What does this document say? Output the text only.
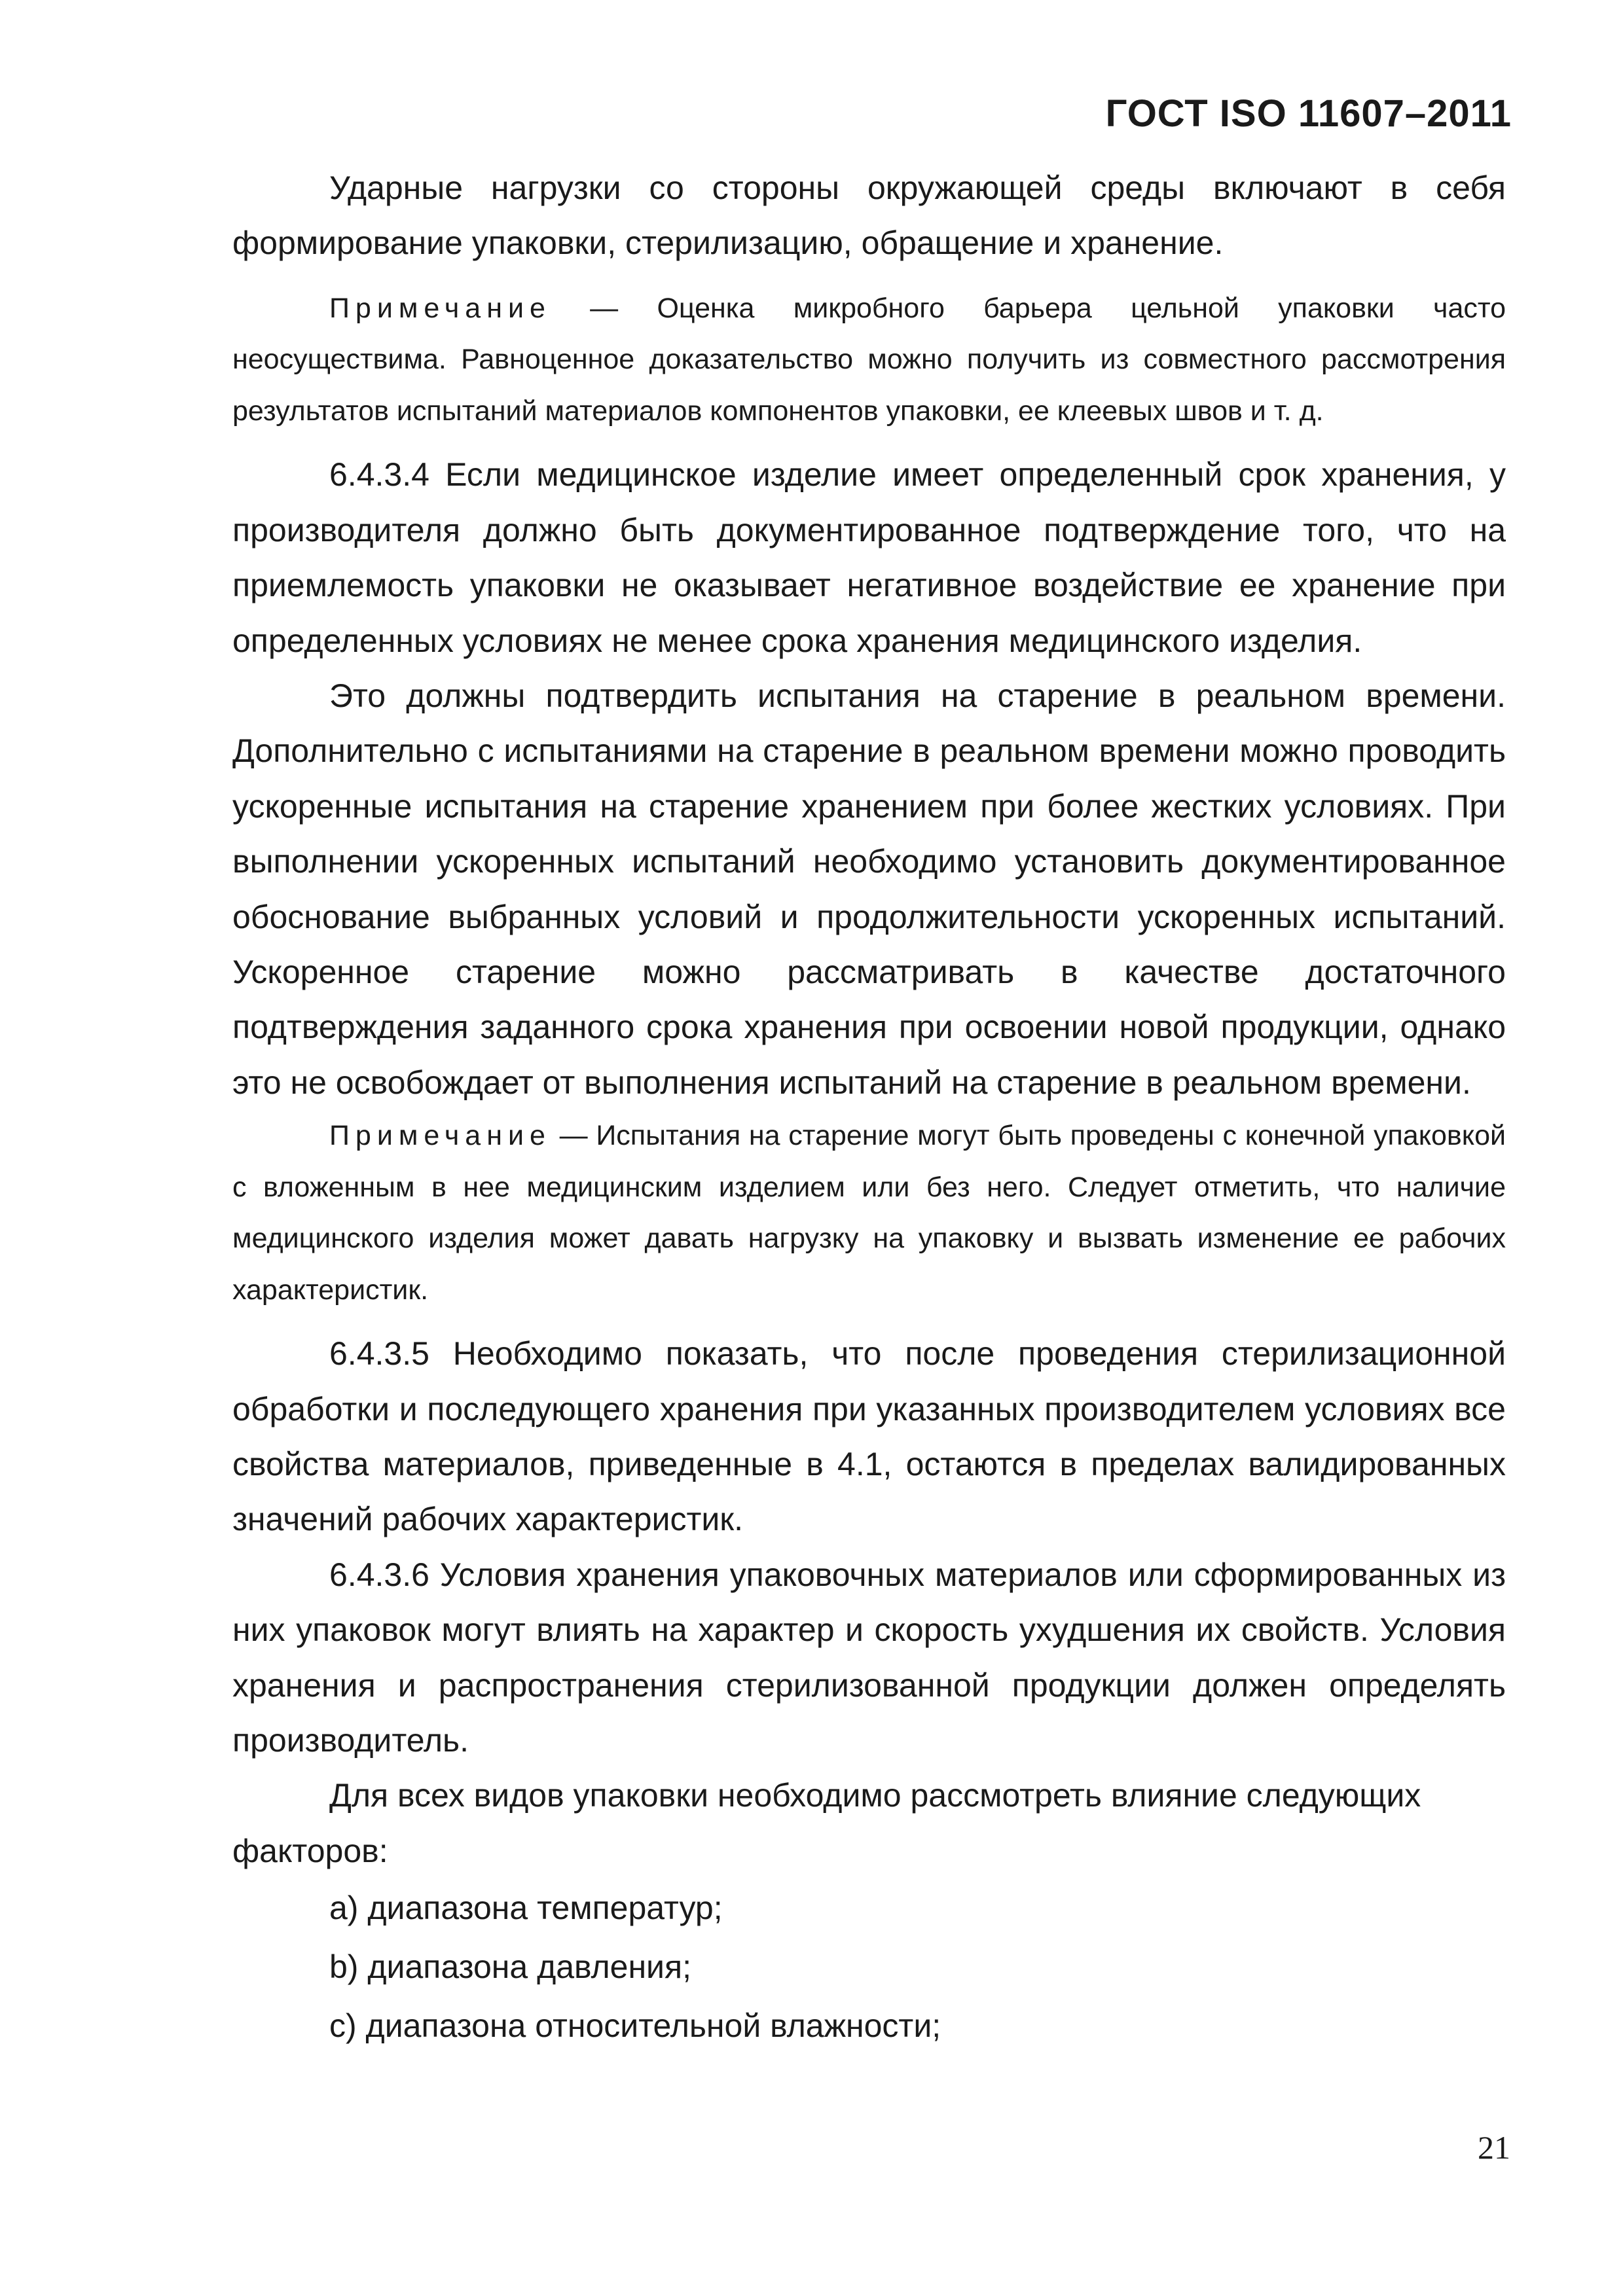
ГОСТ ISO 11607–2011

Ударные нагрузки со стороны окружающей среды включают в себя формирование упаковки, стерилизацию, обращение и хранение.

Примечание — Оценка микробного барьера цельной упаковки часто неосуществима. Равноценное доказательство можно получить из совместного рассмотрения результатов испытаний материалов компонентов упаковки, ее клеевых швов и т. д.

6.4.3.4 Если медицинское изделие имеет определенный срок хранения, у производителя должно быть документированное подтверждение того, что на приемлемость упаковки не оказывает негативное воздействие ее хранение при определенных условиях не менее срока хранения медицинского изделия.

Это должны подтвердить испытания на старение в реальном времени. Дополнительно с испытаниями на старение в реальном времени можно проводить ускоренные испытания на старение хранением при более жестких условиях. При выполнении ускоренных испытаний необходимо установить документированное обоснование выбранных условий и продолжительности ускоренных испытаний. Ускоренное старение можно рассматривать в качестве достаточного подтверждения заданного срока хранения при освоении новой продукции, однако это не освобождает от выполнения испытаний на старение в реальном времени.

Примечание — Испытания на старение могут быть проведены с конечной упаковкой с вложенным в нее медицинским изделием или без него. Следует отметить, что наличие медицинского изделия может давать нагрузку на упаковку и вызвать изменение ее рабочих характеристик.

6.4.3.5 Необходимо показать, что после проведения стерилизационной обработки и последующего хранения при указанных производителем условиях все свойства материалов, приведенные в 4.1, остаются в пределах валидированных значений рабочих характеристик.

6.4.3.6 Условия хранения упаковочных материалов или сформированных из них упаковок могут влиять на характер и скорость ухудшения их свойств. Условия хранения и распространения стерилизованной продукции должен определять производитель.

Для всех видов упаковки необходимо рассмотреть влияние следующих факторов:

a) диапазона температур;

b) диапазона давления;

c) диапазона относительной влажности;

21
